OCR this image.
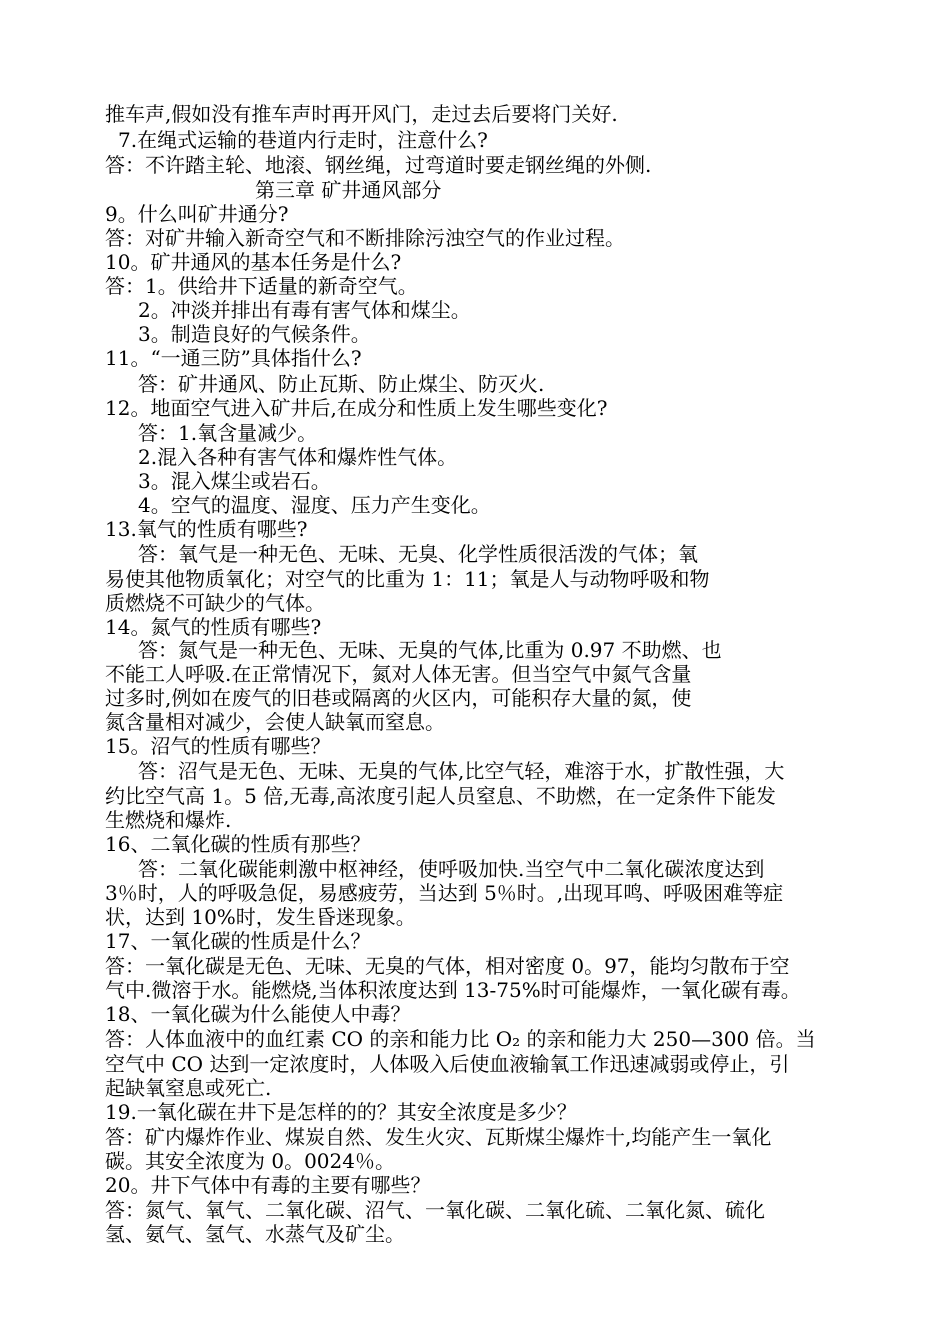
推车声,假如没有推车声时再开风门，走过去后要将门关好.
7.在绳式运输的巷道内行走时，注意什么?
答：不许踏主轮、地滚、钢丝绳，过弯道时要走钢丝绳的外侧.
第三章 矿井通风部分
9。什么叫矿井通分?
答：对矿井输入新奇空气和不断排除污浊空气的作业过程。
10。矿井通风的基本任务是什么?
答：1。供给井下适量的新奇空气。
2。冲淡并排出有毒有害气体和煤尘。
3。制造良好的气候条件。
11。“一通三防”具体指什么?
答：矿井通风、防止瓦斯、防止煤尘、防灭火.
12。地面空气进入矿井后,在成分和性质上发生哪些变化?
答：1.氧含量减少。
2.混入各种有害气体和爆炸性气体。
3。混入煤尘或岩石。
4。空气的温度、湿度、压力产生变化。
13.氧气的性质有哪些?
答：氧气是一种无色、无味、无臭、化学性质很活泼的气体；氧
易使其他物质氧化；对空气的比重为 1：11；氧是人与动物呼吸和物
质燃烧不可缺少的气体。
14。氮气的性质有哪些?
答：氮气是一种无色、无味、无臭的气体,比重为 0.97 不助燃、也
不能工人呼吸.在正常情况下，氮对人体无害。但当空气中氮气含量
过多时,例如在废气的旧巷或隔离的火区内，可能积存大量的氮，使
氮含量相对减少，会使人缺氧而窒息。
15。沼气的性质有哪些？
答：沼气是无色、无味、无臭的气体,比空气轻，难溶于水，扩散性强，大
约比空气高 1。5 倍,无毒,高浓度引起人员窒息、不助燃，在一定条件下能发
生燃烧和爆炸.
16、二氧化碳的性质有那些？
答：二氧化碳能刺激中枢神经，使呼吸加快.当空气中二氧化碳浓度达到
3％时，人的呼吸急促，易感疲劳，当达到 5％时。,出现耳鸣、呼吸困难等症
状，达到 10%时，发生昏迷现象。
17、一氧化碳的性质是什么？
答：一氧化碳是无色、无味、无臭的气体，相对密度 0。97，能均匀散布于空
气中.微溶于水。能燃烧,当体积浓度达到 13-75%时可能爆炸，一氧化碳有毒。
18、一氧化碳为什么能使人中毒？
答：人体血液中的血红素 CO 的亲和能力比 O₂ 的亲和能力大 250—300 倍。当
空气中 CO 达到一定浓度时，人体吸入后使血液输氧工作迅速减弱或停止，引
起缺氧窒息或死亡.
19.一氧化碳在井下是怎样的的？其安全浓度是多少？
答：矿内爆炸作业、煤炭自然、发生火灾、瓦斯煤尘爆炸十,均能产生一氧化
碳。其安全浓度为 0。0024％。
20。井下气体中有毒的主要有哪些？
答：氮气、氧气、二氧化碳、沼气、一氧化碳、二氧化硫、二氧化氮、硫化
氢、氨气、氢气、水蒸气及矿尘。
